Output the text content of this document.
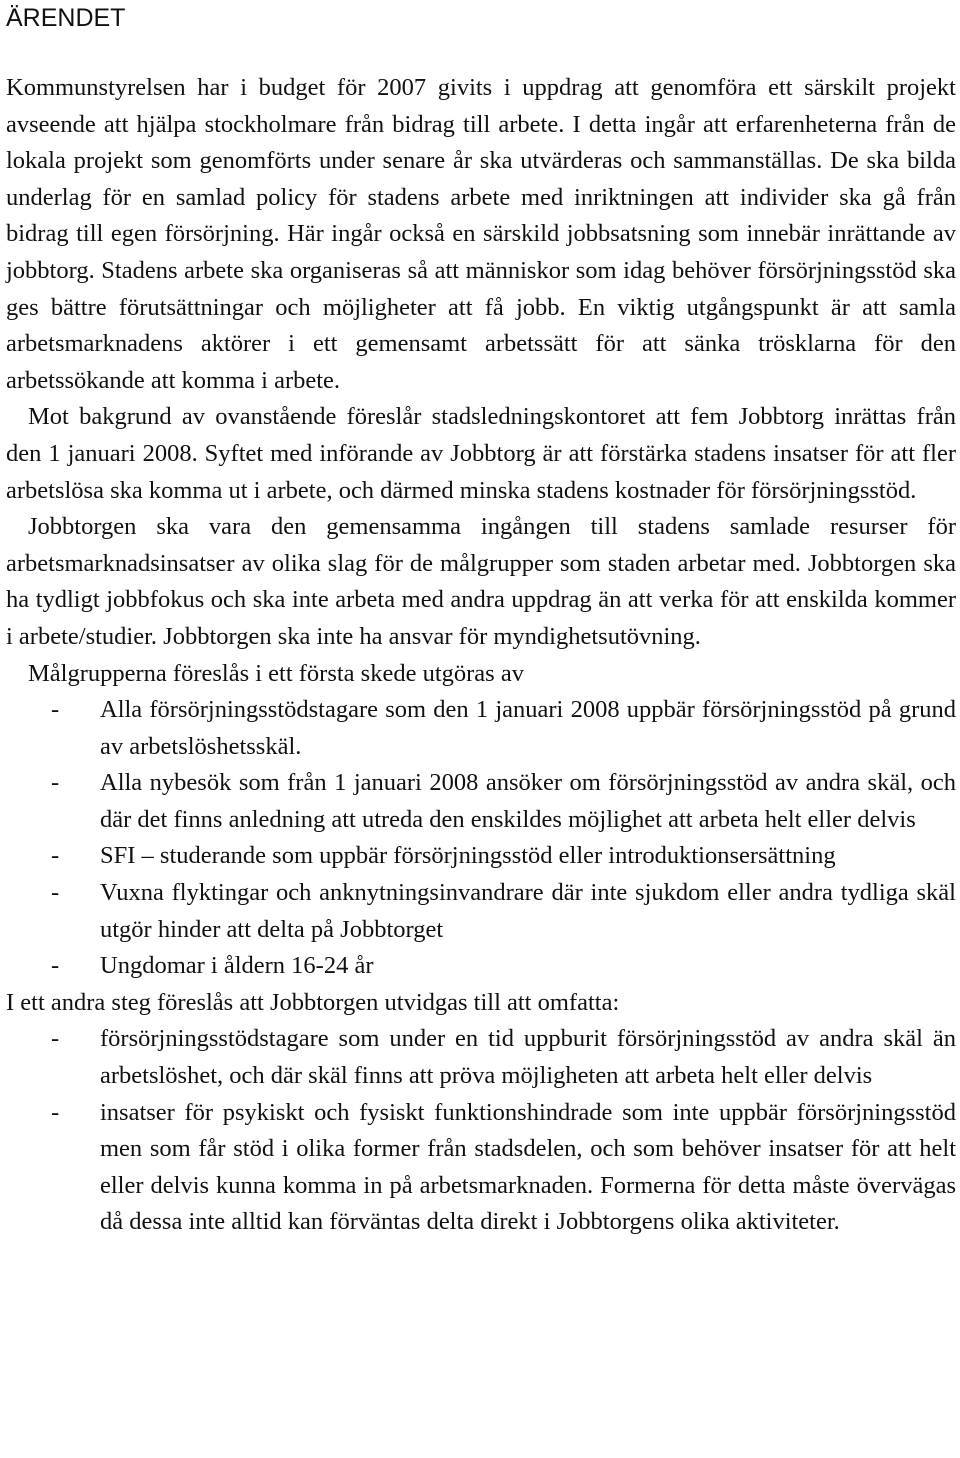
ÄRENDET

Kommunstyrelsen har i budget för 2007 givits i uppdrag att genomföra ett särskilt projekt avseende att hjälpa stockholmare från bidrag till arbete. I detta ingår att erfarenheterna från de lokala projekt som genomförts under senare år ska utvärderas och sammanställas. De ska bilda underlag för en samlad policy för stadens arbete med inriktningen att individer ska gå från bidrag till egen försörjning. Här ingår också en särskild jobbsatsning som innebär inrättande av jobbtorg. Stadens arbete ska organiseras så att människor som idag behöver försörjningsstöd ska ges bättre förutsättningar och möjligheter att få jobb. En viktig utgångspunkt är att samla arbetsmarknadens aktörer i ett gemensamt arbetssätt för att sänka trösklarna för den arbetssökande att komma i arbete.

Mot bakgrund av ovanstående föreslår stadsledningskontoret att fem Jobbtorg inrättas från den 1 januari 2008. Syftet med införande av Jobbtorg är att förstärka stadens insatser för att fler arbetslösa ska komma ut i arbete, och därmed minska stadens kostnader för försörjningsstöd.

Jobbtorgen ska vara den gemensamma ingången till stadens samlade resurser för arbetsmarknadsinsatser av olika slag för de målgrupper som staden arbetar med. Jobbtorgen ska ha tydligt jobbfokus och ska inte arbeta med andra uppdrag än att verka för att enskilda kommer i arbete/studier. Jobbtorgen ska inte ha ansvar för myndighetsutövning.

Målgrupperna föreslås i ett första skede utgöras av

- Alla försörjningsstödstagare som den 1 januari 2008 uppbär försörjningsstöd på grund av arbetslöshetsskäl.
- Alla nybesök som från 1 januari 2008 ansöker om försörjningsstöd av andra skäl, och där det finns anledning att utreda den enskildes möjlighet att arbeta helt eller delvis
- SFI – studerande som uppbär försörjningsstöd eller introduktionsersättning
- Vuxna flyktingar och anknytningsinvandrare där inte sjukdom eller andra tydliga skäl utgör hinder att delta på Jobbtorget
- Ungdomar i åldern 16-24 år

I ett andra steg föreslås att Jobbtorgen utvidgas till att omfatta:

- försörjningsstödstagare som under en tid uppburit försörjningsstöd av andra skäl än arbetslöshet, och där skäl finns att pröva möjligheten att arbeta helt eller delvis
- insatser för psykiskt och fysiskt funktionshindrade som inte uppbär försörjningsstöd men som får stöd i olika former från stadsdelen, och som behöver insatser för att helt eller delvis kunna komma in på arbetsmarknaden. Formerna för detta måste övervägas då dessa inte alltid kan förväntas delta direkt i Jobbtorgens olika aktiviteter.
